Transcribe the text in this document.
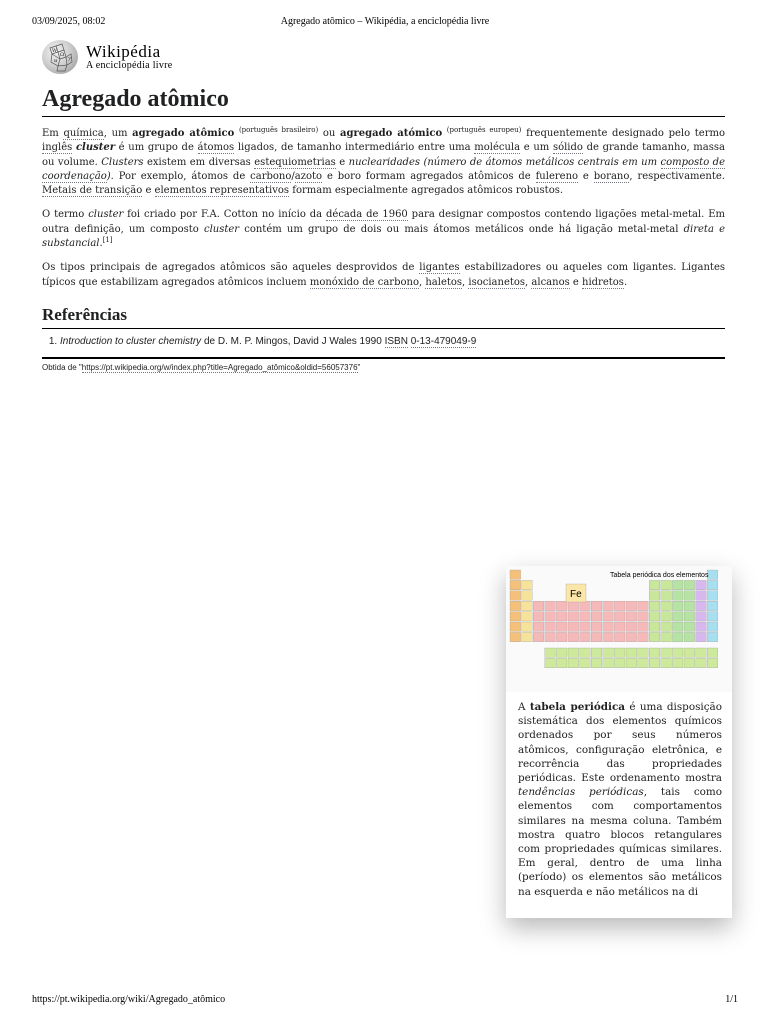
03/09/2025, 08:02	Agregado atômico – Wikipédia, a enciclopédia livre
W
Ω
и ア Wikipédia
A enciclopédia livre
Agregado atômico

Em química, um agregado atômico $^{(português brasileiro)}$ ou agregado atómico $^{(português europeu)}$ frequentemente designado pelo termo inglês cluster é um grupo de átomos ligados, de tamanho intermediário entre uma molécula e um sólido de grande tamanho, massa ou volume. Clusters existem em diversas estequiometrias e nuclearidades (número de átomos metálicos centrais em um composto de coordenação). Por exemplo, átomos de carbono/azoto e boro formam agregados atômicos de fulereno e borano, respectivamente. Metais de transição e elementos representativos formam especialmente agregados atômicos robustos.

O termo cluster foi criado por F.A. Cotton no início da década de 1960 para designar compostos contendo ligações metal-metal. Em outra definição, um composto cluster contém um grupo de dois ou mais átomos metálicos onde há ligação metal-metal direta e substancial.[1]

Os tipos principais de agregados atômicos são aqueles desprovidos de ligantes estabilizadores ou aqueles com ligantes. Ligantes típicos que estabilizam agregados atômicos incluem monóxido de carbono, haletos, isocianetos, alcanos e hidretos.

Referências
1. Introduction to cluster chemistry de D. M. P. Mingos, David J Wales 1990 ISBN 0-13-479049-9
Obtida de "https://pt.wikipedia.org/w/index.php?title=Agregado_atômico&oldid=56057376"
Fe
Tabela periódica dos elementos
A tabela periódica é uma disposição sistemática dos elementos químicos ordenados por seus números atômicos, configuração eletrônica, e recorrência das propriedades periódicas. Este ordenamento mostra tendências periódicas, tais como elementos com comportamentos similares na mesma coluna. Também mostra quatro blocos retangulares com propriedades químicas similares. Em geral, dentro de uma linha (período) os elementos são metálicos na esquerda e não metálicos na di
https://pt.wikipedia.org/wiki/Agregado_atômico	1/1
